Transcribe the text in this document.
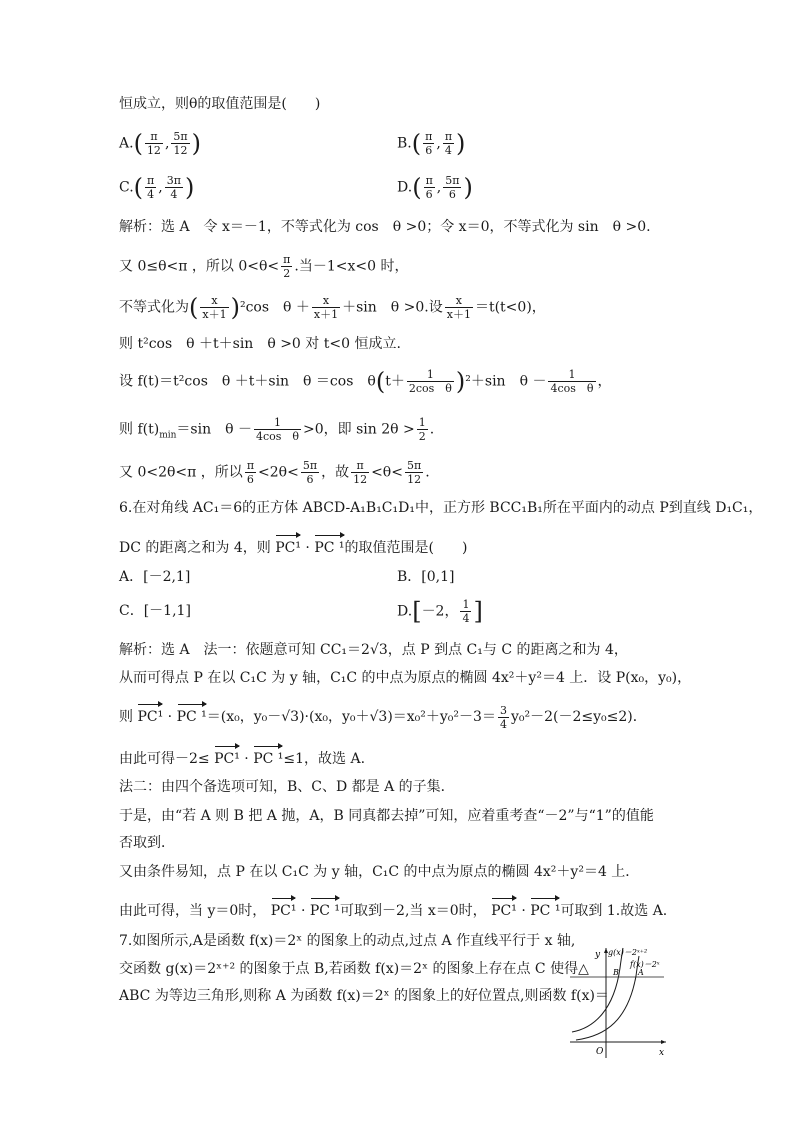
恒成立，则θ的取值范围是(　　)
$A.( \frac{\pi}{12}$ , $\frac{5\pi}{12}$ )	$B.( \frac{\pi}{6}$ , $\frac{\pi}{4}$ )
$C.( \frac{\pi}{4}$ , $\frac{3\pi}{4}$ )	$D.( \frac{\pi}{6}$ , $\frac{5\pi}{6}$ )
解析：选 A　令 x＝－1，不等式化为 cos　θ >0；令 x＝0，不等式化为 sin　θ >0.
又 0≤θ<π ，所以 $0<\theta< \frac{\pi}{2}$ .当－1<x<0 时，
不等式化为( $\frac{x}{x+1} )^2\cos$　$\theta + \frac{x}{x+1} +\sin$　θ >0.设 $\frac{x}{x+1} =t(t<0)$，
则 t²cos　θ ＋t＋sin　θ >0 对 t<0 恒成立.
设 f(t)＝t²cos　θ ＋t＋sin　θ ＝cos　$\theta(t+ \frac{1}{\text{2cos　θ}} )^2+\sin$　$\theta - \frac{1}{\text{4cos　θ}}$ ，
则 $f(t)_{min}=\sin$　$\theta - \frac{1}{\text{4cos　θ}} >0$，即 $\sin 2\theta > \frac{1}{2}$ .
又 0<2θ<π ，所以 $\frac{\pi}{6} <2\theta< \frac{5\pi}{6}$ ，故 $\frac{\pi}{12} <\theta< \frac{5\pi}{12}$ .
6.在对角线 AC₁＝6的正方体 ABCD-A₁B₁C₁D₁中，正方形 BCC₁B₁所在平面内的动点 P到直线 D₁C₁，
DC 的距离之和为 4，则 PC¹ · PC ¹的取值范围是(　　)
A．[－2,1]	B．[0,1]
C．[－1,1]	D.[－2， $\frac{1}{4}$ ]
解析：选 A　法一：依题意可知 CC₁＝2√3，点 P 到点 C₁与 C 的距离之和为 4，
从而可得点 P 在以 C₁C 为 y 轴，C₁C 的中点为原点的椭圆 4x²＋y²＝4 上．设 P(x₀，y₀)，
则 PC¹ · PC ¹＝(x₀，y₀－√3)·(x₀，$y_0+√3)=x_0^2+y_0^2-3= \frac{3}{4} y_0^2-2(-2\le y_0\le 2)$．
由此可得－2≤ PC¹ · PC ¹≤1，故选 A.
法二：由四个备选项可知，B、C、D 都是 A 的子集．
于是，由“若 A 则 B 把 A 抛，A，B 同真都去掉”可知，应着重考查“－2”与“1”的值能
否取到．
又由条件易知，点 P 在以 C₁C 为 y 轴，C₁C 的中点为原点的椭圆 4x²＋y²＝4 上．
由此可得，当 y＝0时， PC¹ · PC ¹可取到－2,当 x＝0时， PC¹ · PC ¹可取到 1.故选 A.
7.如图所示,A是函数 f(x)＝2ˣ 的图象上的动点,过点 A 作直线平行于 x 轴,
交函数 g(x)＝2ˣ⁺² 的图象于点 B,若函数 f(x)＝2ˣ 的图象上存在点 C 使得△
ABC 为等边三角形,则称 A 为函数 f(x)＝2ˣ 的图象上的好位置点,则函数 f(x)＝
y g(x)＝2ˣ⁺²
f(x)＝2ˣ
B A
O	x
